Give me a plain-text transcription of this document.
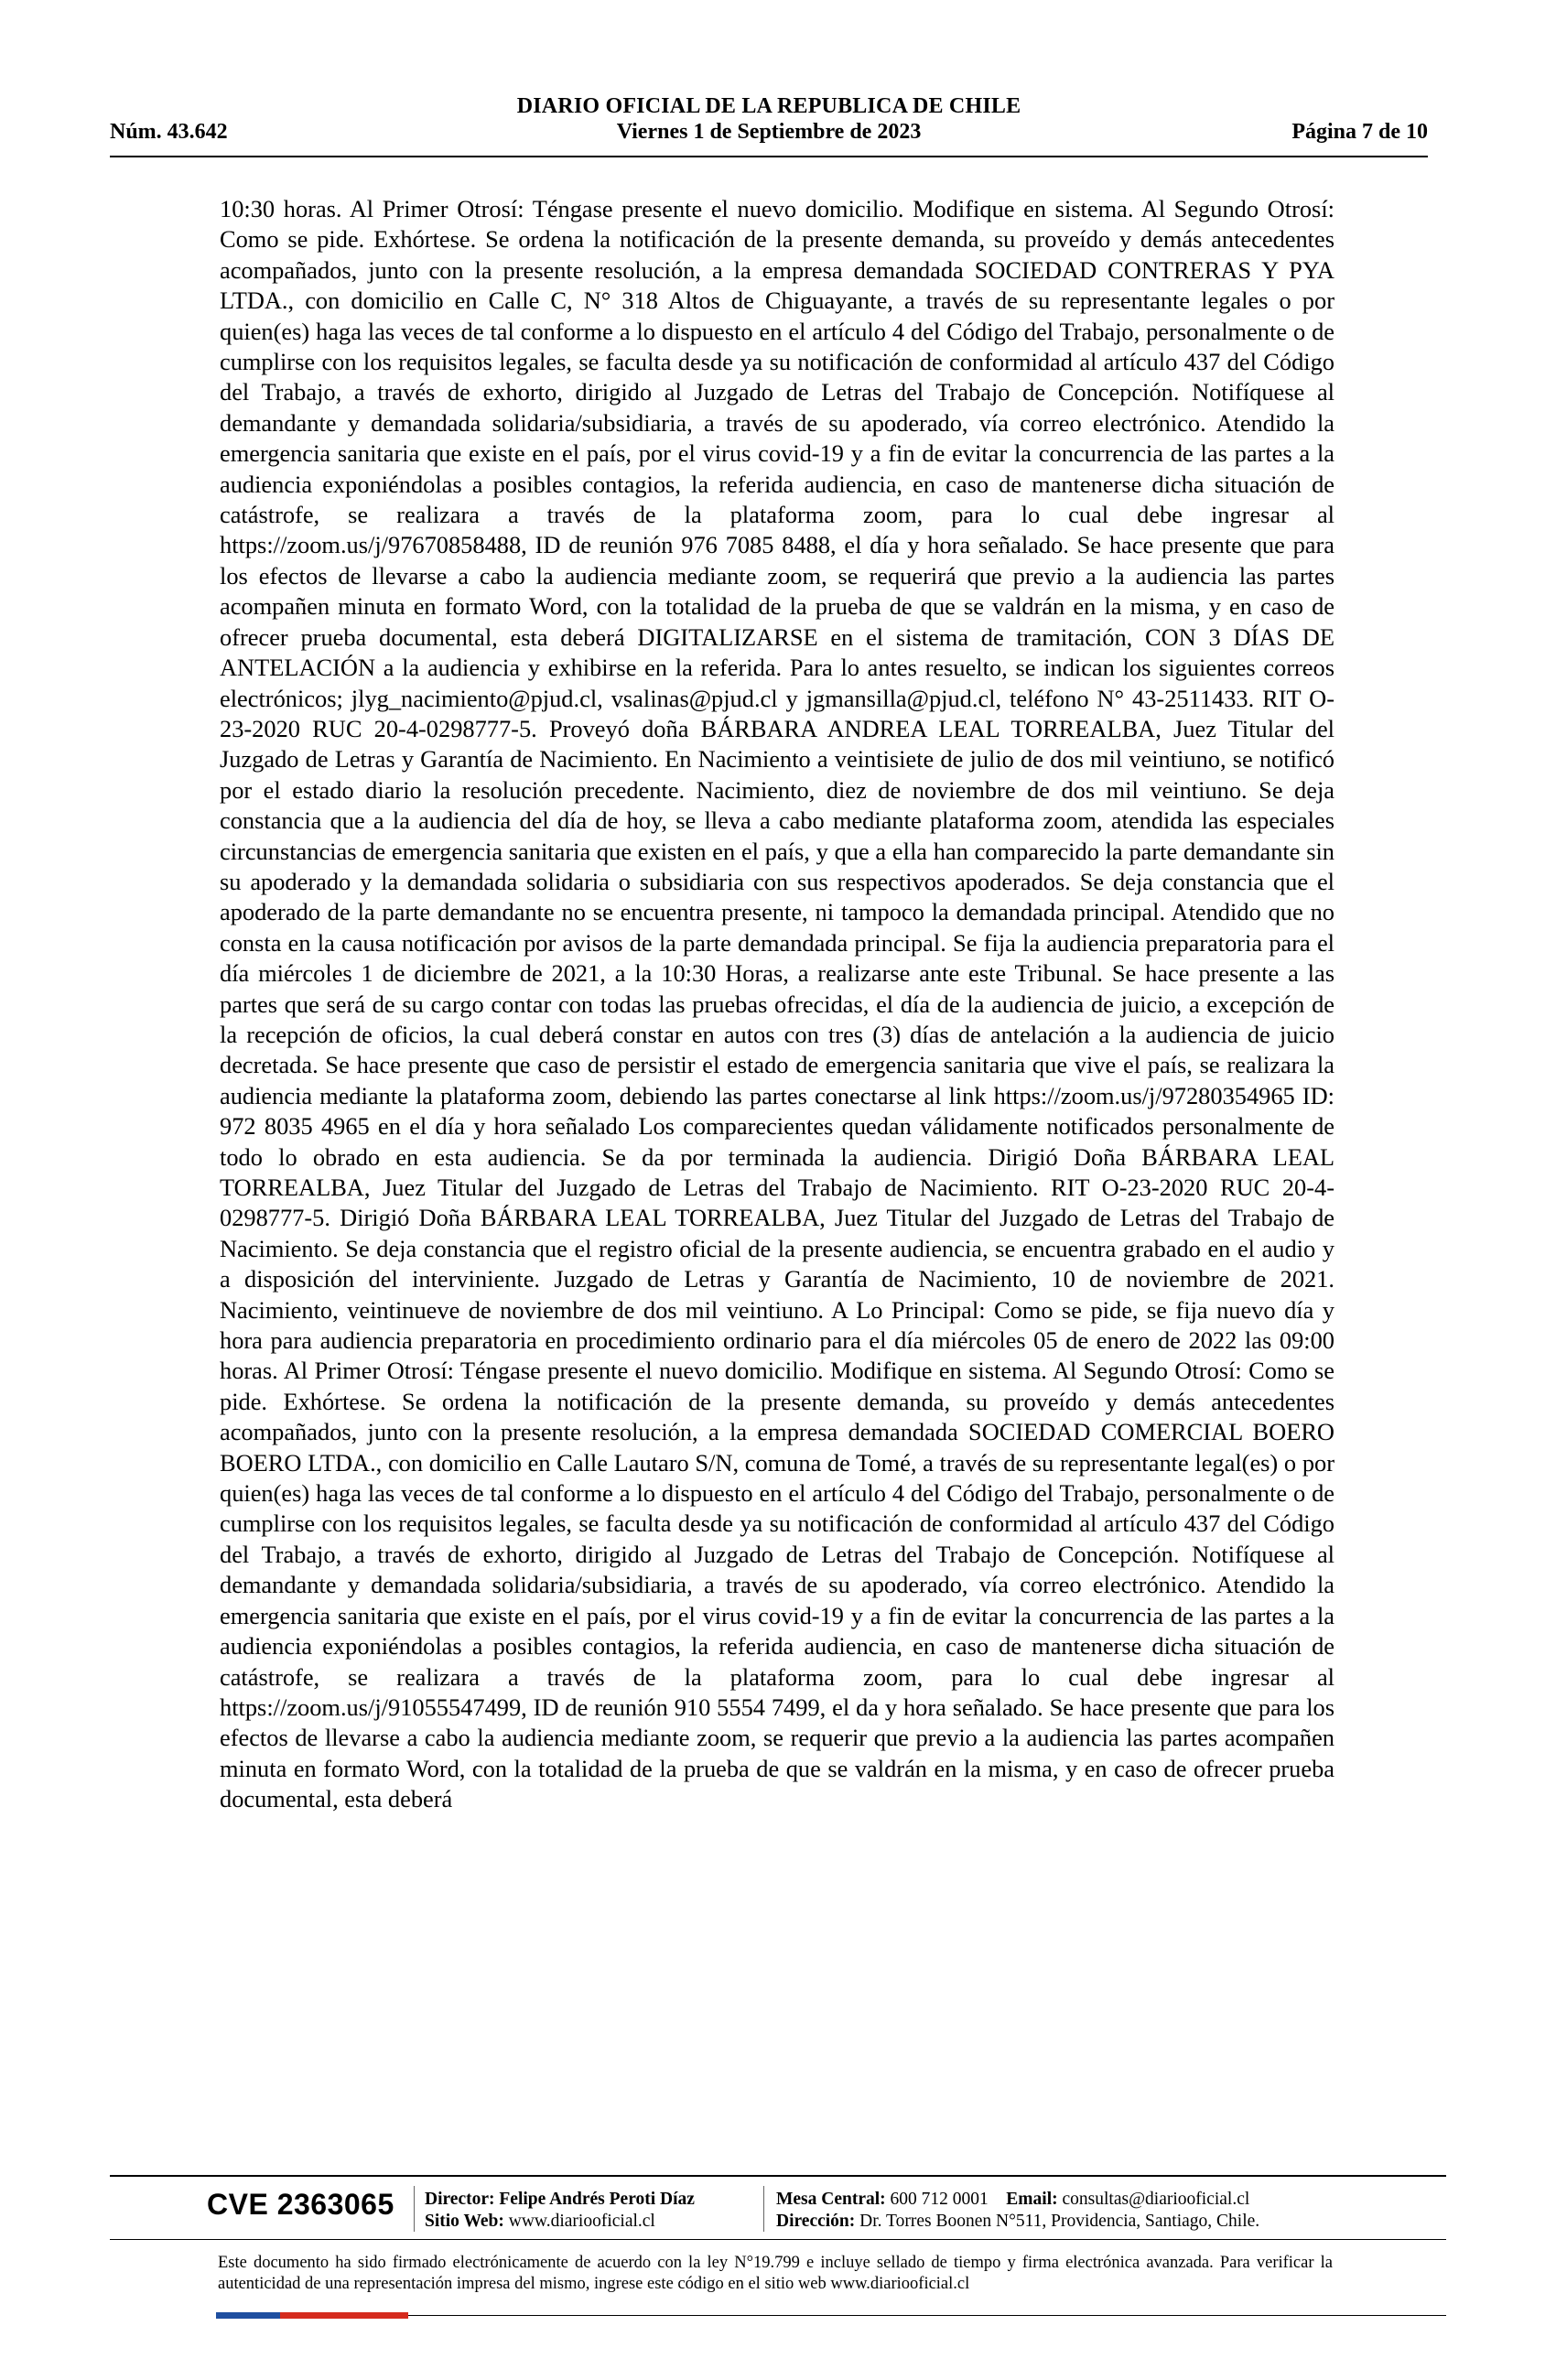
DIARIO OFICIAL DE LA REPUBLICA DE CHILE
Núm. 43.642	Viernes 1 de Septiembre de 2023	Página 7 de 10
10:30 horas. Al Primer Otrosí: Téngase presente el nuevo domicilio. Modifique en sistema. Al Segundo Otrosí: Como se pide. Exhórtese. Se ordena la notificación de la presente demanda, su proveído y demás antecedentes acompañados, junto con la presente resolución, a la empresa demandada SOCIEDAD CONTRERAS Y PYA LTDA., con domicilio en Calle C, N° 318 Altos de Chiguayante, a través de su representante legales o por quien(es) haga las veces de tal conforme a lo dispuesto en el artículo 4 del Código del Trabajo, personalmente o de cumplirse con los requisitos legales, se faculta desde ya su notificación de conformidad al artículo 437 del Código del Trabajo, a través de exhorto, dirigido al Juzgado de Letras del Trabajo de Concepción. Notifíquese al demandante y demandada solidaria/subsidiaria, a través de su apoderado, vía correo electrónico. Atendido la emergencia sanitaria que existe en el país, por el virus covid-19 y a fin de evitar la concurrencia de las partes a la audiencia exponiéndolas a posibles contagios, la referida audiencia, en caso de mantenerse dicha situación de catástrofe, se realizara a través de la plataforma zoom, para lo cual debe ingresar al https://zoom.us/j/97670858488, ID de reunión 976 7085 8488, el día y hora señalado. Se hace presente que para los efectos de llevarse a cabo la audiencia mediante zoom, se requerirá que previo a la audiencia las partes acompañen minuta en formato Word, con la totalidad de la prueba de que se valdrán en la misma, y en caso de ofrecer prueba documental, esta deberá DIGITALIZARSE en el sistema de tramitación, CON 3 DÍAS DE ANTELACIÓN a la audiencia y exhibirse en la referida. Para lo antes resuelto, se indican los siguientes correos electrónicos; jlyg_nacimiento@pjud.cl, vsalinas@pjud.cl y jgmansilla@pjud.cl, teléfono N° 43-2511433. RIT O-23-2020 RUC 20-4-0298777-5. Proveyó doña BÁRBARA ANDREA LEAL TORREALBA, Juez Titular del Juzgado de Letras y Garantía de Nacimiento. En Nacimiento a veintisiete de julio de dos mil veintiuno, se notificó por el estado diario la resolución precedente. Nacimiento, diez de noviembre de dos mil veintiuno. Se deja constancia que a la audiencia del día de hoy, se lleva a cabo mediante plataforma zoom, atendida las especiales circunstancias de emergencia sanitaria que existen en el país, y que a ella han comparecido la parte demandante sin su apoderado y la demandada solidaria o subsidiaria con sus respectivos apoderados. Se deja constancia que el apoderado de la parte demandante no se encuentra presente, ni tampoco la demandada principal. Atendido que no consta en la causa notificación por avisos de la parte demandada principal. Se fija la audiencia preparatoria para el día miércoles 1 de diciembre de 2021, a la 10:30 Horas, a realizarse ante este Tribunal. Se hace presente a las partes que será de su cargo contar con todas las pruebas ofrecidas, el día de la audiencia de juicio, a excepción de la recepción de oficios, la cual deberá constar en autos con tres (3) días de antelación a la audiencia de juicio decretada. Se hace presente que caso de persistir el estado de emergencia sanitaria que vive el país, se realizara la audiencia mediante la plataforma zoom, debiendo las partes conectarse al link https://zoom.us/j/97280354965 ID: 972 8035 4965 en el día y hora señalado Los comparecientes quedan válidamente notificados personalmente de todo lo obrado en esta audiencia. Se da por terminada la audiencia. Dirigió Doña BÁRBARA LEAL TORREALBA, Juez Titular del Juzgado de Letras del Trabajo de Nacimiento. RIT O-23-2020 RUC 20-4-0298777-5. Dirigió Doña BÁRBARA LEAL TORREALBA, Juez Titular del Juzgado de Letras del Trabajo de Nacimiento. Se deja constancia que el registro oficial de la presente audiencia, se encuentra grabado en el audio y a disposición del interviniente. Juzgado de Letras y Garantía de Nacimiento, 10 de noviembre de 2021. Nacimiento, veintinueve de noviembre de dos mil veintiuno. A Lo Principal: Como se pide, se fija nuevo día y hora para audiencia preparatoria en procedimiento ordinario para el día miércoles 05 de enero de 2022 las 09:00 horas. Al Primer Otrosí: Téngase presente el nuevo domicilio. Modifique en sistema. Al Segundo Otrosí: Como se pide. Exhórtese. Se ordena la notificación de la presente demanda, su proveído y demás antecedentes acompañados, junto con la presente resolución, a la empresa demandada SOCIEDAD COMERCIAL BOERO BOERO LTDA., con domicilio en Calle Lautaro S/N, comuna de Tomé, a través de su representante legal(es) o por quien(es) haga las veces de tal conforme a lo dispuesto en el artículo 4 del Código del Trabajo, personalmente o de cumplirse con los requisitos legales, se faculta desde ya su notificación de conformidad al artículo 437 del Código del Trabajo, a través de exhorto, dirigido al Juzgado de Letras del Trabajo de Concepción. Notifíquese al demandante y demandada solidaria/subsidiaria, a través de su apoderado, vía correo electrónico. Atendido la emergencia sanitaria que existe en el país, por el virus covid-19 y a fin de evitar la concurrencia de las partes a la audiencia exponiéndolas a posibles contagios, la referida audiencia, en caso de mantenerse dicha situación de catástrofe, se realizara a través de la plataforma zoom, para lo cual debe ingresar al https://zoom.us/j/91055547499, ID de reunión 910 5554 7499, el da y hora señalado. Se hace presente que para los efectos de llevarse a cabo la audiencia mediante zoom, se requerir que previo a la audiencia las partes acompañen minuta en formato Word, con la totalidad de la prueba de que se valdrán en la misma, y en caso de ofrecer prueba documental, esta deberá
CVE 2363065 Director: Felipe Andrés Peroti Díaz
Sitio Web: www.diariooficial.cl
Mesa Central: 600 712 0001 Email: consultas@diariooficial.cl
Dirección: Dr. Torres Boonen N°511, Providencia, Santiago, Chile.
Este documento ha sido firmado electrónicamente de acuerdo con la ley N°19.799 e incluye sellado de tiempo y firma electrónica avanzada. Para verificar la autenticidad de una representación impresa del mismo, ingrese este código en el sitio web www.diariooficial.cl
